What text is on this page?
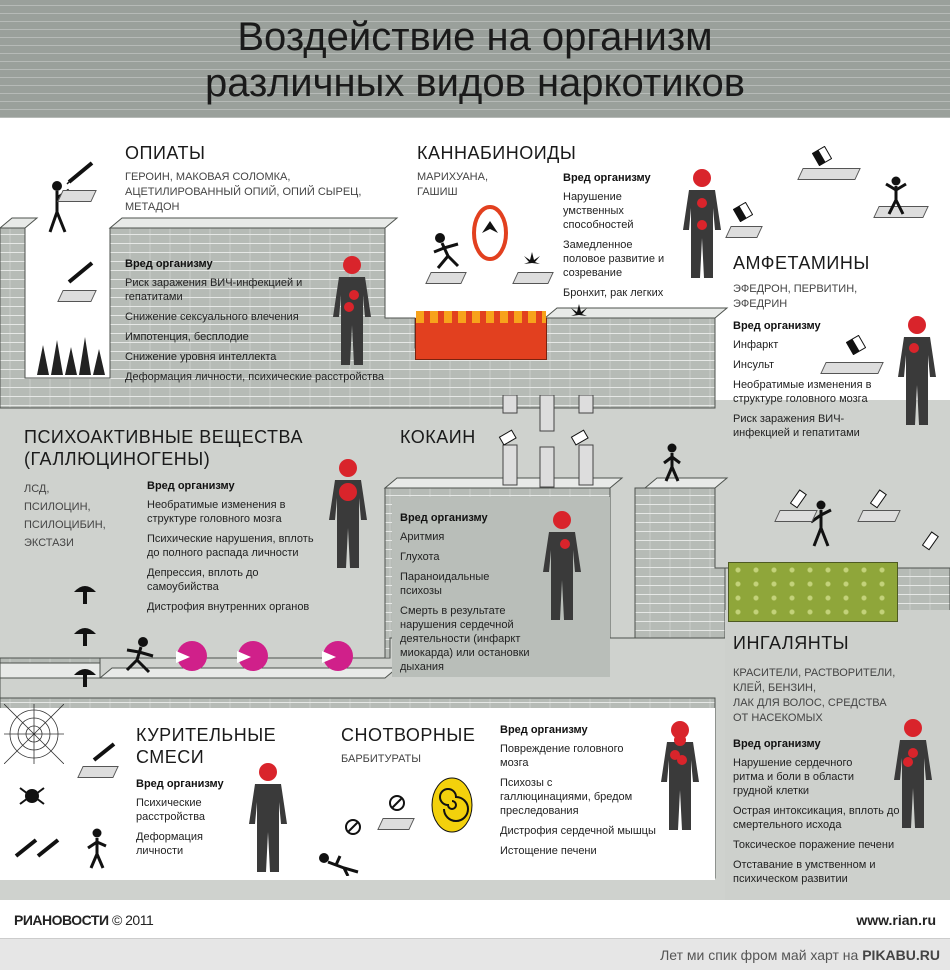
Воздействие на организм
различных видов наркотиков
ОПИАТЫ
ГЕРОИН, МАКОВАЯ СОЛОМКА,
АЦЕТИЛИРОВАННЫЙ ОПИЙ, ОПИЙ СЫРЕЦ,
МЕТАДОН
Вред организму
Риск заражения ВИЧ-инфекцией и гепатитами
Снижение сексуального влечения
Импотенция, бесплодие
Снижение уровня интеллекта
Деформация личности, психические расстройства
КАННАБИНОИДЫ
МАРИХУАНА,
ГАШИШ
Вред организму
Нарушение умственных способностей
Замедленное половое развитие и созревание
Бронхит, рак легких
АМФЕТАМИНЫ
ЭФЕДРОН, ПЕРВИТИН,
ЭФЕДРИН
Вред организму
Инфаркт
Инсульт
Необратимые изменения в структуре головного мозга
Риск заражения ВИЧ- инфекцией и гепатитами
ПСИХОАКТИВНЫЕ ВЕЩЕСТВА
(ГАЛЛЮЦИНОГЕНЫ)
ЛСД,
ПСИЛОЦИН,
ПСИЛОЦИБИН,
ЭКСТАЗИ
Вред организму
Необратимые изменения в структуре головного мозга
Психические нарушения, вплоть до полного распада личности
Депрессия, вплоть до самоубийства
Дистрофия внутренних органов
КОКАИН
Вред организму
Аритмия
Глухота
Параноидальные психозы
Смерть в результате нарушения сердечной деятельности (инфаркт миокарда) или остановки дыхания
ИНГАЛЯНТЫ
КРАСИТЕЛИ, РАСТВОРИТЕЛИ,
КЛЕЙ, БЕНЗИН,
ЛАК ДЛЯ ВОЛОС, СРЕДСТВА
ОТ НАСЕКОМЫХ
Вред организму
Нарушение сердечного ритма и боли в области грудной клетки
Острая интоксикация, вплоть до смертельного исхода
Токсическое поражение печени
Отставание в умственном и психическом развитии
КУРИТЕЛЬНЫЕ
СМЕСИ
Вред организму
Психические расстройства
Деформация личности
СНОТВОРНЫЕ
БАРБИТУРАТЫ
Вред организму
Повреждение головного мозга
Психозы с галлюцинациями, бредом преследования
Дистрофия сердечной мышцы
Истощение печени
РИАНОВОСТИ © 2011	www.rian.ru
Лет ми спик фром май харт на PIKABU.RU
